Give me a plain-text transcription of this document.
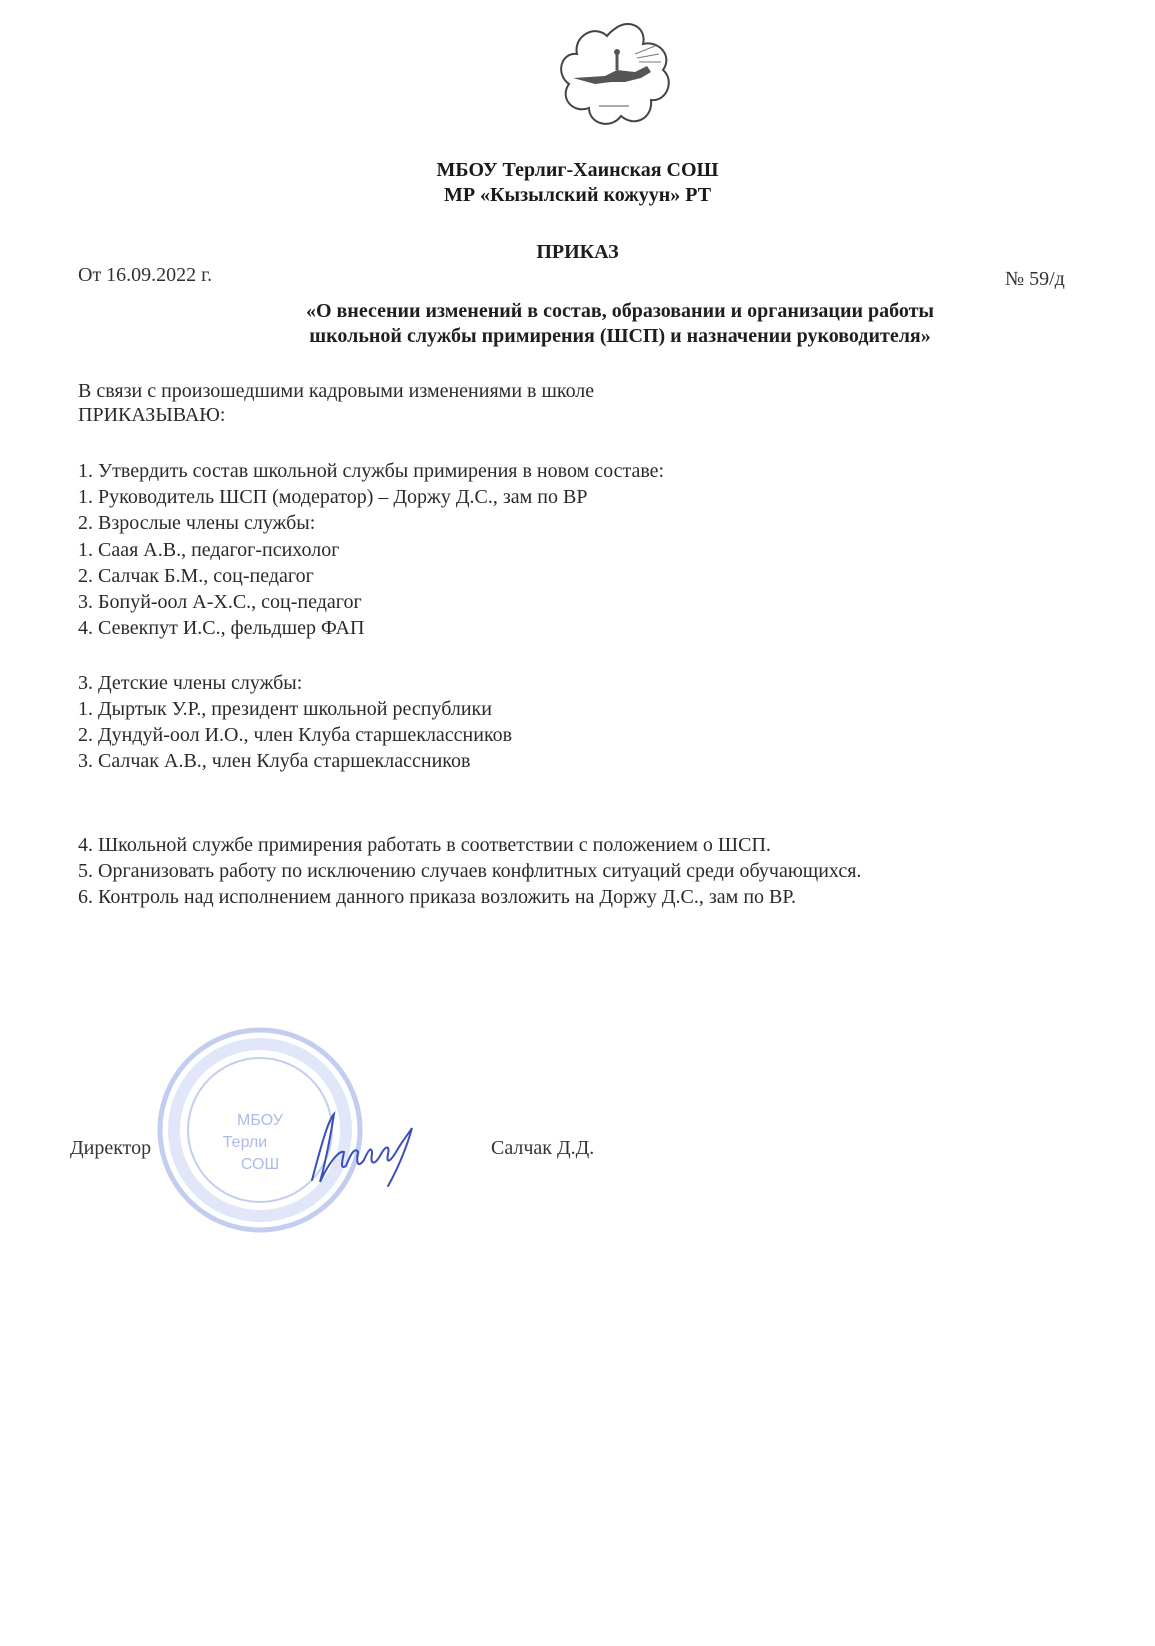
МБОУ Терлиг-Хаинская СОШ
МР «Кызылский кожуун» РТ
ПРИКАЗ
От 16.09.2022 г.	№ 59/д
«О внесении изменений в состав, образовании и организации работы
школьной службы примирения (ШСП) и назначении руководителя»
В связи с произошедшими кадровыми изменениями в школе
ПРИКАЗЫВАЮ:
1. Утвердить состав школьной службы примирения в новом составе:
1. Руководитель ШСП (модератор) – Доржу Д.С., зам по ВР
2. Взрослые члены службы:
1. Саая А.В., педагог-психолог
2. Салчак Б.М., соц-педагог
3. Бопуй-оол А-Х.С., соц-педагог
4. Севекпут И.С., фельдшер ФАП
3. Детские члены службы:
1. Дыртык У.Р., президент школьной республики
2. Дундуй-оол И.О., член Клуба старшеклассников
3. Салчак А.В., член Клуба старшеклассников
4. Школьной службе примирения работать в соответствии с положением о ШСП.
5. Организовать работу по исключению случаев конфлитных ситуаций среди обучающихся.
6. Контроль над исполнением данного приказа возложить на Доржу Д.С., зам по ВР.
МБОУ
Терли
СОШ
Директор	Салчак Д.Д.
